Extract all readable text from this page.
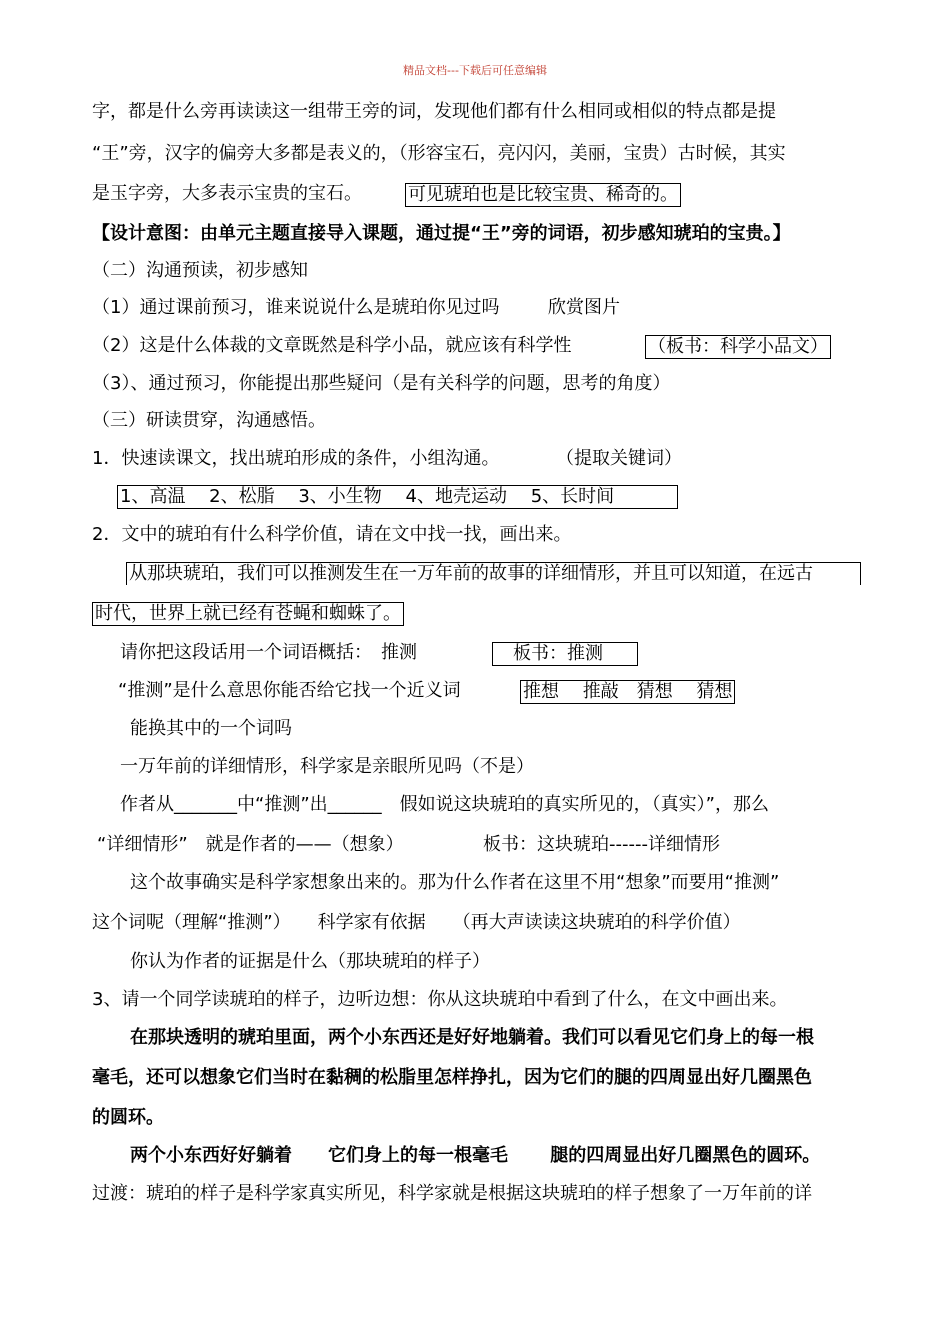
精品文档---下载后可任意编辑
字，都是什么旁再读读这一组带王旁的词，发现他们都有什么相同或相似的特点都是提
“王”旁，汉字的偏旁大多都是表义的，（形容宝石，亮闪闪，美丽，宝贵）古时候，其实
是玉字旁，大多表示宝贵的宝石。	可见琥珀也是比较宝贵、稀奇的。
【设计意图：由单元主题直接导入课题，通过提“王”旁的词语，初步感知琥珀的宝贵。】
（二）沟通预读，初步感知
（1）通过课前预习，谁来说说什么是琥珀你见过吗	欣赏图片
（2）这是什么体裁的文章既然是科学小品，就应该有科学性	（板书：科学小品文）
（3）、通过预习，你能提出那些疑问（是有关科学的问题，思考的角度）
（三）研读贯穿，沟通感悟。
1．快速读课文，找出琥珀形成的条件，小组沟通。	（提取关键词）
1、高温　 2、松脂　 3、小生物　 4、地壳运动　 5、长时间
2．文中的琥珀有什么科学价值，请在文中找一找，画出来。
从那块琥珀，我们可以推测发生在一万年前的故事的详细情形，并且可以知道，在远古
时代，世界上就已经有苍蝇和蜘蛛了。
请你把这段话用一个词语概括：　推测	　板书：推测　
“推测”是什么意思你能否给它找一个近义词	推想　 推敲　猜想　 猜想
能换其中的一个词吗
一万年前的详细情形，科学家是亲眼所见吗（不是）
作者从_______中“推测”出______　假如说这块琥珀的真实所见的，（真实）”，那么
“详细情形”　就是作者的——（想象）	板书：这块琥珀------详细情形
这个故事确实是科学家想象出来的。那为什么作者在这里不用“想象”而要用“推测”
这个词呢（理解“推测”）　　科学家有依据　　（再大声读读这块琥珀的科学价值）
你认为作者的证据是什么（那块琥珀的样子）
3、请一个同学读琥珀的样子，边听边想：你从这块琥珀中看到了什么，在文中画出来。
在那块透明的琥珀里面，两个小东西还是好好地躺着。我们可以看见它们身上的每一根
毫毛，还可以想象它们当时在黏稠的松脂里怎样挣扎，因为它们的腿的四周显出好几圈黑色
的圆环。
两个小东西好好躺着　　它们身上的每一根毫毛　　 腿的四周显出好几圈黑色的圆环。
过渡：琥珀的样子是科学家真实所见，科学家就是根据这块琥珀的样子想象了一万年前的详
